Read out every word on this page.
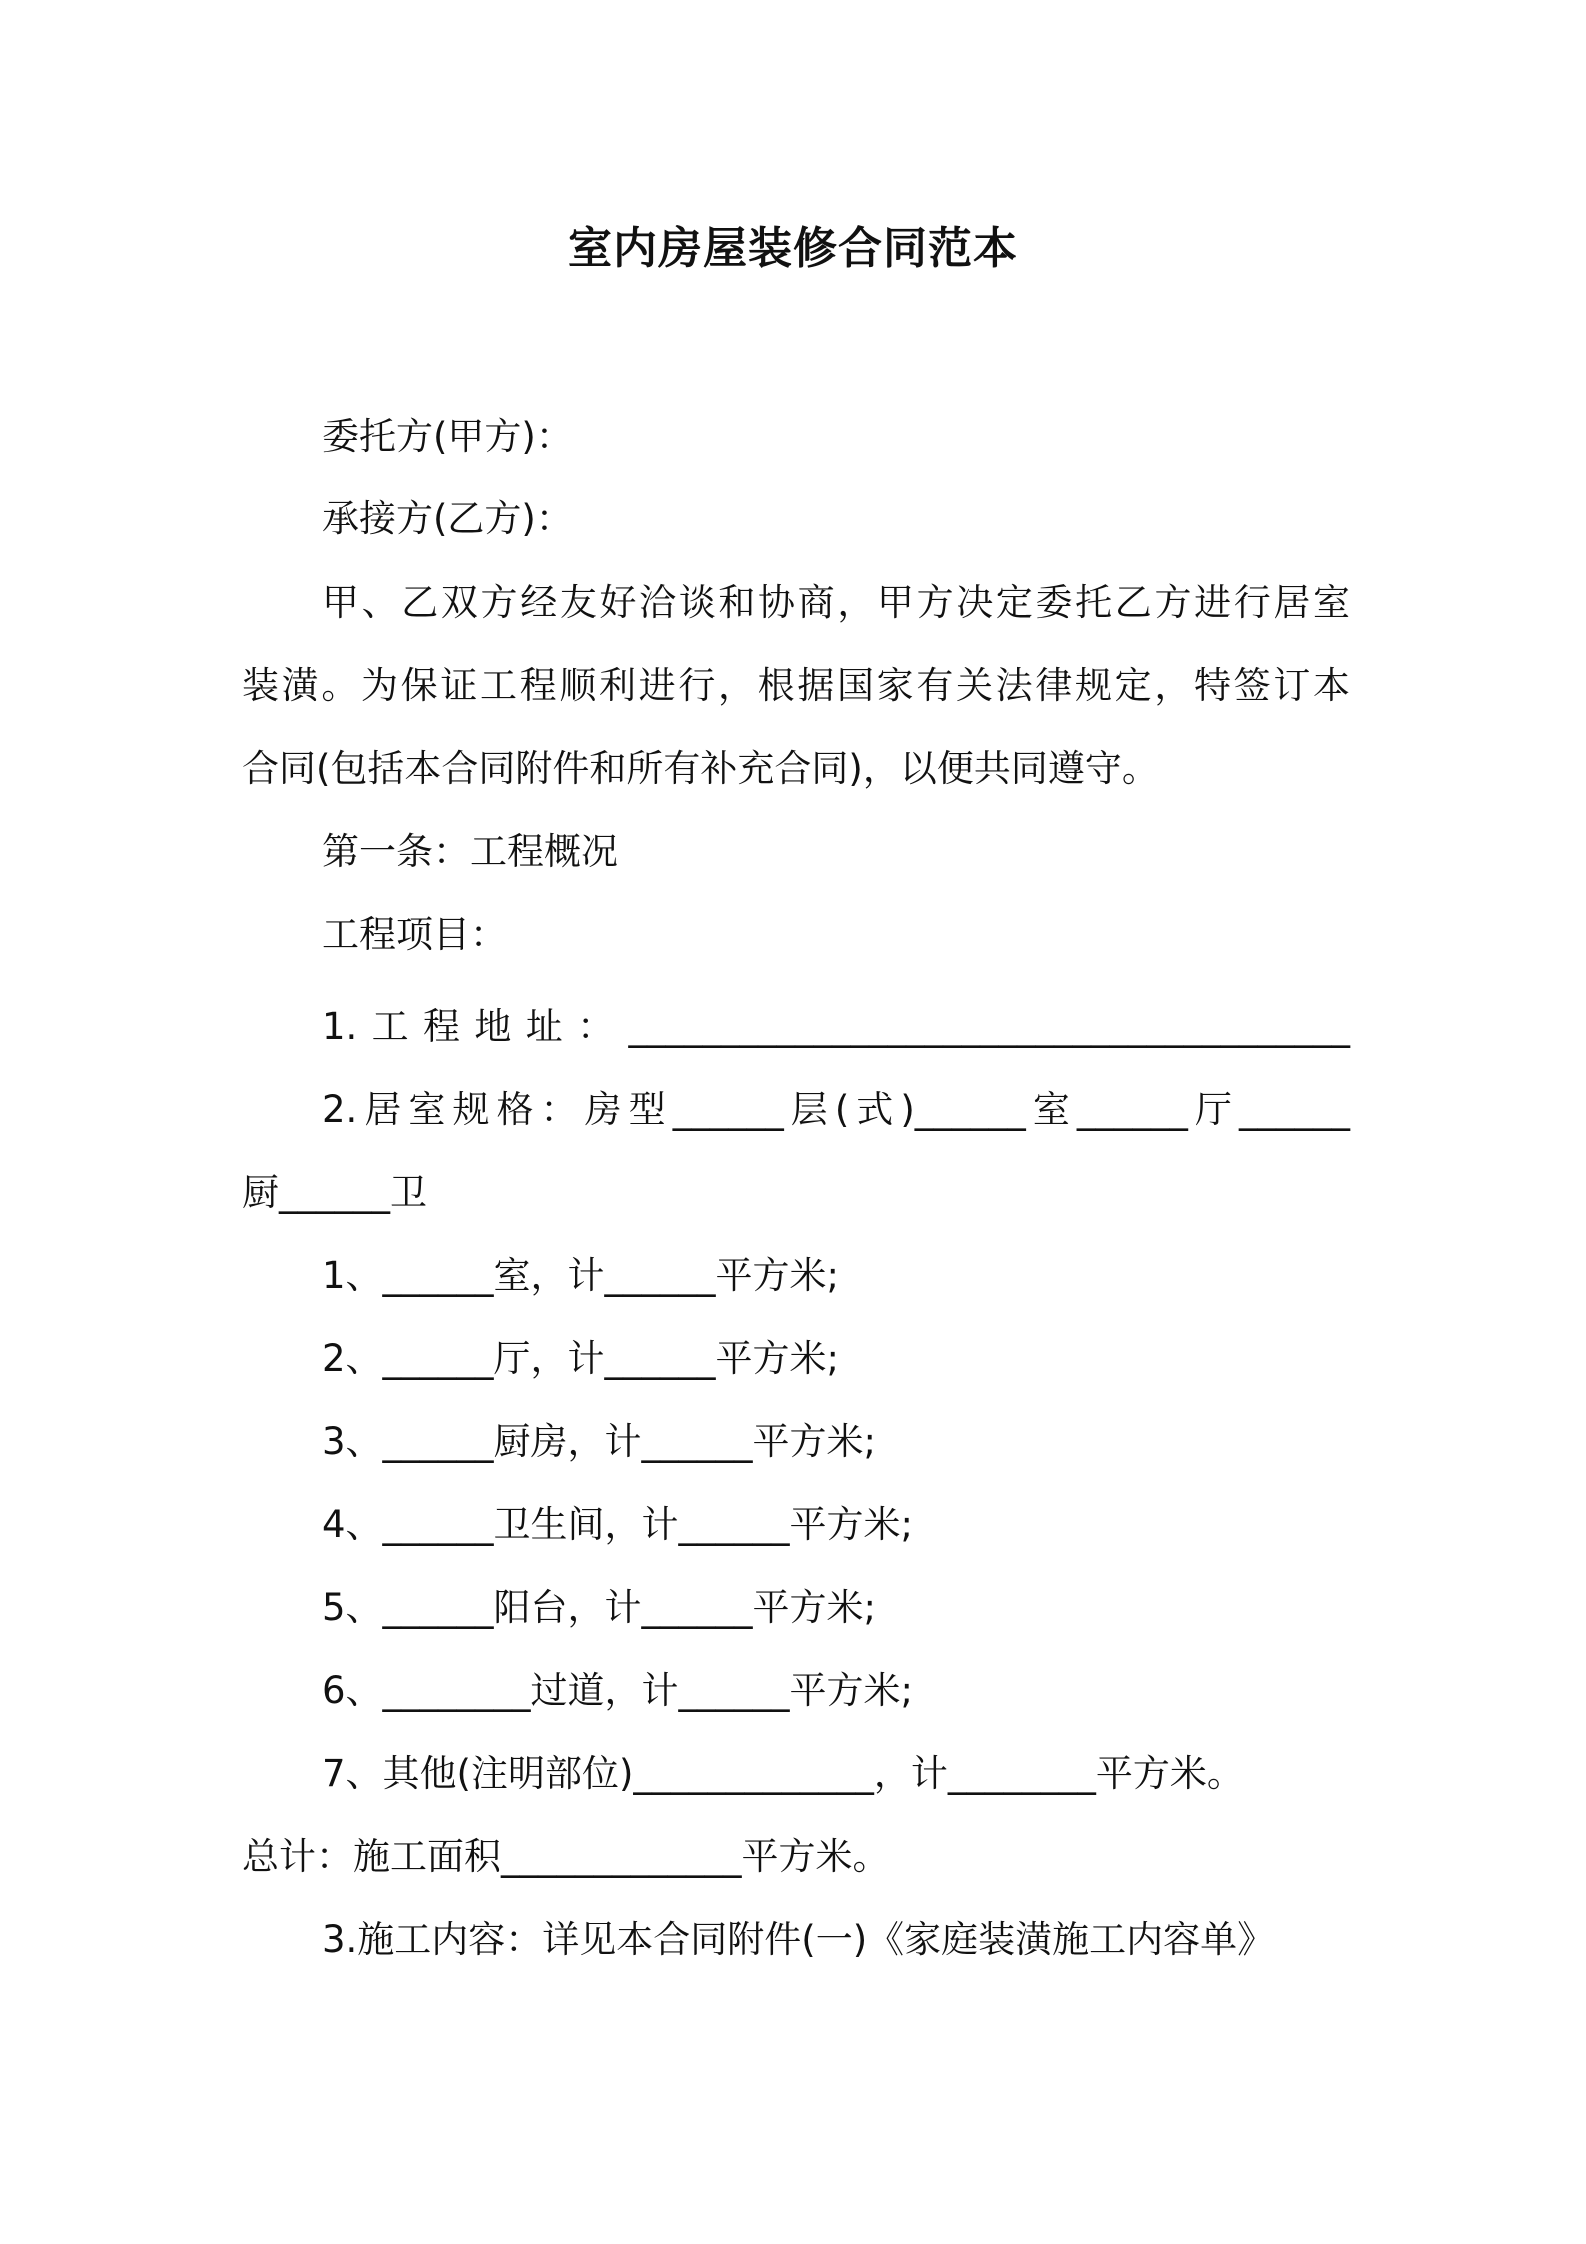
室内房屋装修合同范本
委托方(甲方)：
承接方(乙方)：
甲、乙双方经友好洽谈和协商，甲方决定委托乙方进行居室
装潢。为保证工程顺利进行，根据国家有关法律规定，特签订本
合同(包括本合同附件和所有补充合同)，以便共同遵守。
第一条：工程概况
工程项目：
1.工程地址：_______________________________________
2.居室规格：房型______层(式)______室______厅______
厨______卫
1、______室，计______平方米;
2、______厅，计______平方米;
3、______厨房，计______平方米;
4、______卫生间，计______平方米;
5、______阳台，计______平方米;
6、________过道，计______平方米;
7、其他(注明部位)_____________，计________平方米。
总计：施工面积_____________平方米。
3.施工内容：详见本合同附件(一)《家庭装潢施工内容单》
